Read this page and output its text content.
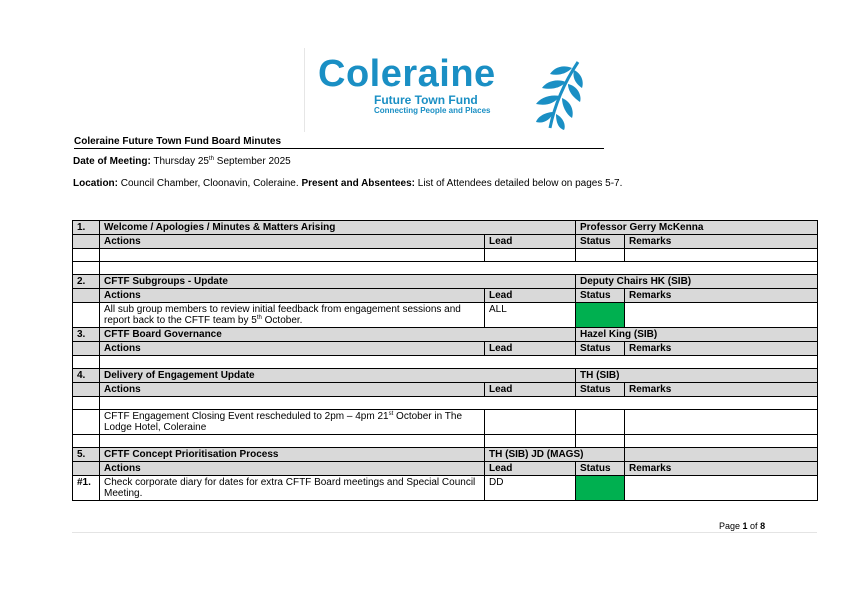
Coleraine
Future Town Fund
Connecting People and Places
Coleraine Future Town Fund Board Minutes
Date of Meeting: Thursday 25th September 2025
Location: Council Chamber, Cloonavin, Coleraine. Present and Absentees: List of Attendees detailed below on pages 5-7.
1.	Welcome / Apologies / Minutes & Matters Arising		Professor Gerry McKenna	
	Actions	Lead	Status	Remarks

2.	CFTF Subgroups - Update		Deputy Chairs HK (SIB)	
	Actions	Lead	Status	Remarks
	All sub group members to review initial feedback from engagement sessions and report back to the CFTF team by 5th October.	ALL		
3.	CFTF Board Governance		Hazel King (SIB)	
	Actions	Lead	Status	Remarks

4.	Delivery of Engagement Update		TH (SIB)	
	Actions	Lead	Status	Remarks

	CFTF Engagement Closing Event rescheduled to 2pm – 4pm 21st October in The Lodge Hotel, Coleraine			

5.	CFTF Concept Prioritisation Process	TH (SIB) JD (MAGS)		
	Actions	Lead	Status	Remarks
#1.	Check corporate diary for dates for extra CFTF Board meetings and Special Council Meeting.	DD		
Page 1 of 8
